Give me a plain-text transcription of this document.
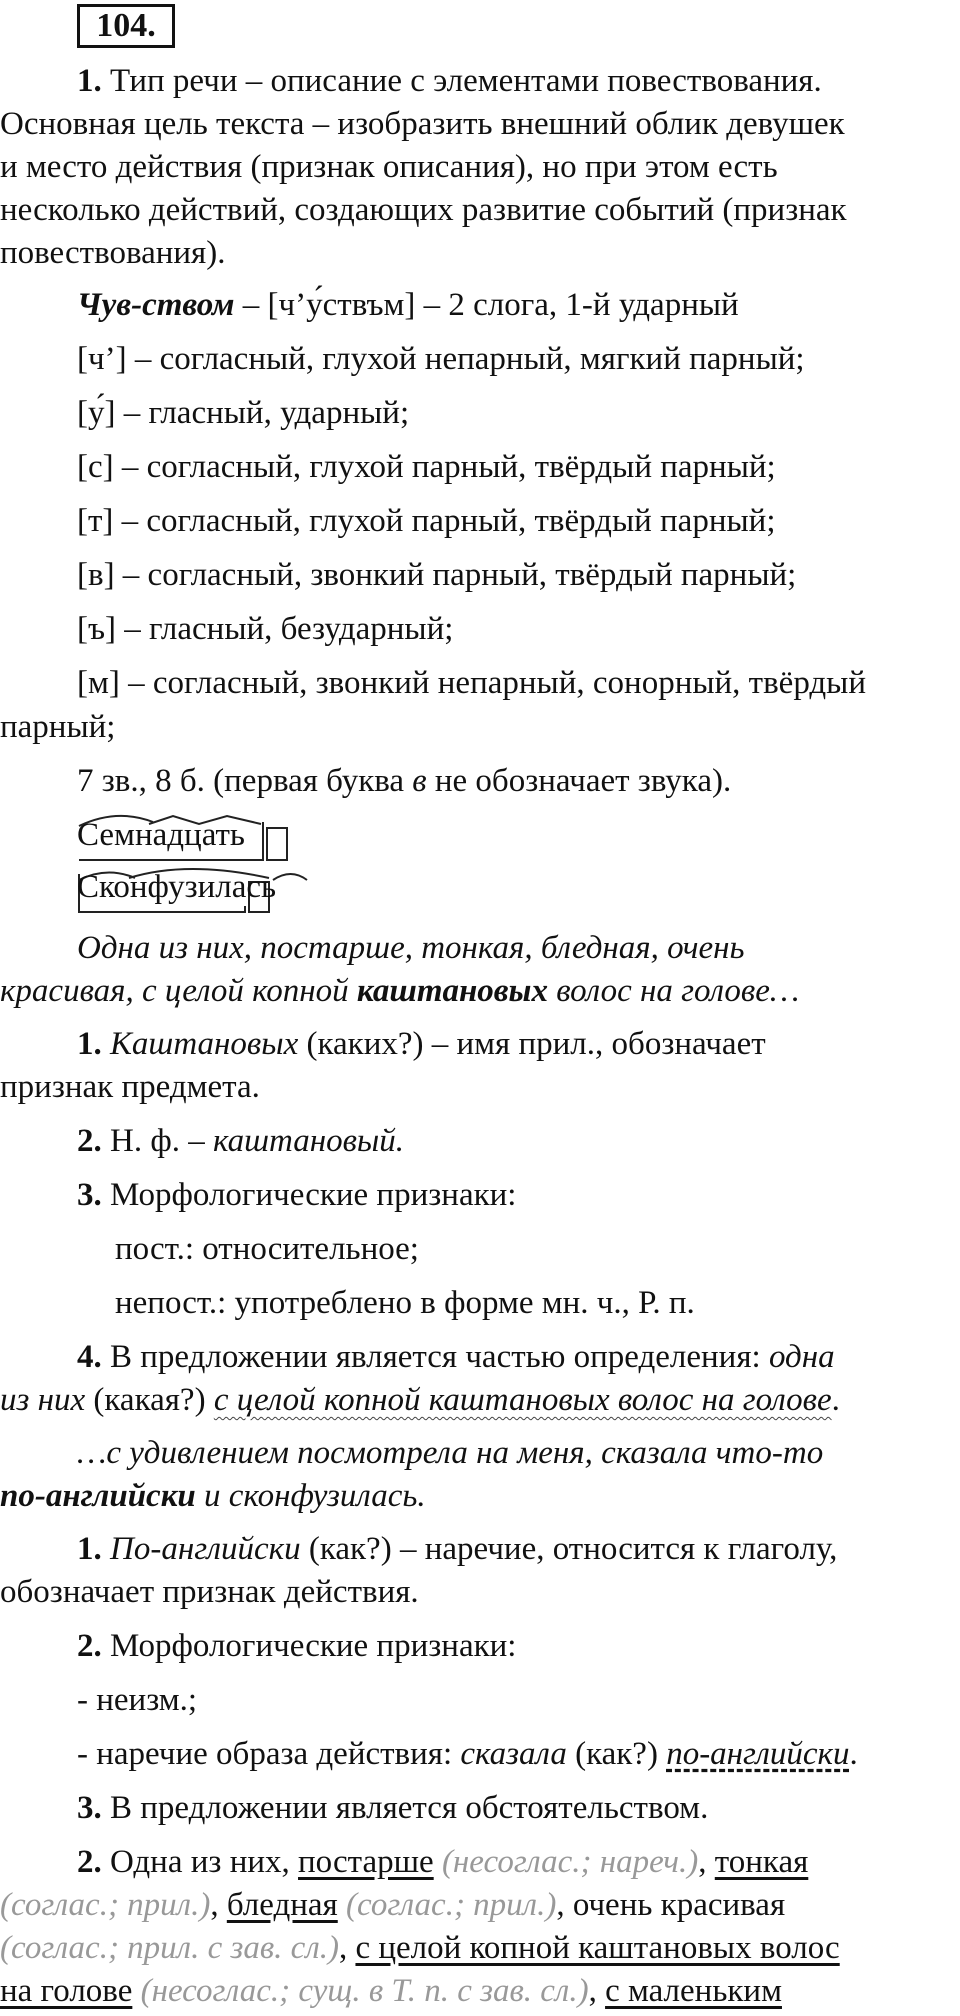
104.
1. Тип речи – описание с элементами повествования.
Основная цель текста – изобразить внешний облик девушек
и место действия (признак описания), но при этом есть
несколько действий, создающих развитие событий (признак
повествования).
Чув-ством – [ч’у́ствъм] – 2 слога, 1-й ударный
[ч’] – согласный, глухой непарный, мягкий парный;
[у́] – гласный, ударный;
[с] – согласный, глухой парный, твёрдый парный;
[т] – согласный, глухой парный, твёрдый парный;
[в] – согласный, звонкий парный, твёрдый парный;
[ъ] – гласный, безударный;
[м] – согласный, звонкий непарный, сонорный, твёрдый
парный;
7 зв., 8 б. (первая буква в не обозначает звука).
Семнадцать
Сконфузилась
Одна из них, постарше, тонкая, бледная, очень
красивая, с целой копной каштановых волос на голове…
1. Каштановых (каких?) – имя прил., обозначает
признак предмета.
2. Н. ф. – каштановый.
3. Морфологические признаки:
пост.: относительное;
непост.: употреблено в форме мн. ч., Р. п.
4. В предложении является частью определения: одна
из них (какая?) с целой копной каштановых волос на голове.
…с удивлением посмотрела на меня, сказала что-то
по-английски и сконфузилась.
1. По-английски (как?) – наречие, относится к глаголу,
обозначает признак действия.
2. Морфологические признаки:
- неизм.;
- наречие образа действия: сказала (как?) по-английски.
3. В предложении является обстоятельством.
2. Одна из них, постарше (несоглас.; нареч.), тонкая
(соглас.; прил.), бледная (соглас.; прил.), очень красивая
(соглас.; прил. с зав. сл.), с целой копной каштановых волос
на голове (несоглас.; сущ. в Т. п. с зав. сл.), с маленьким
